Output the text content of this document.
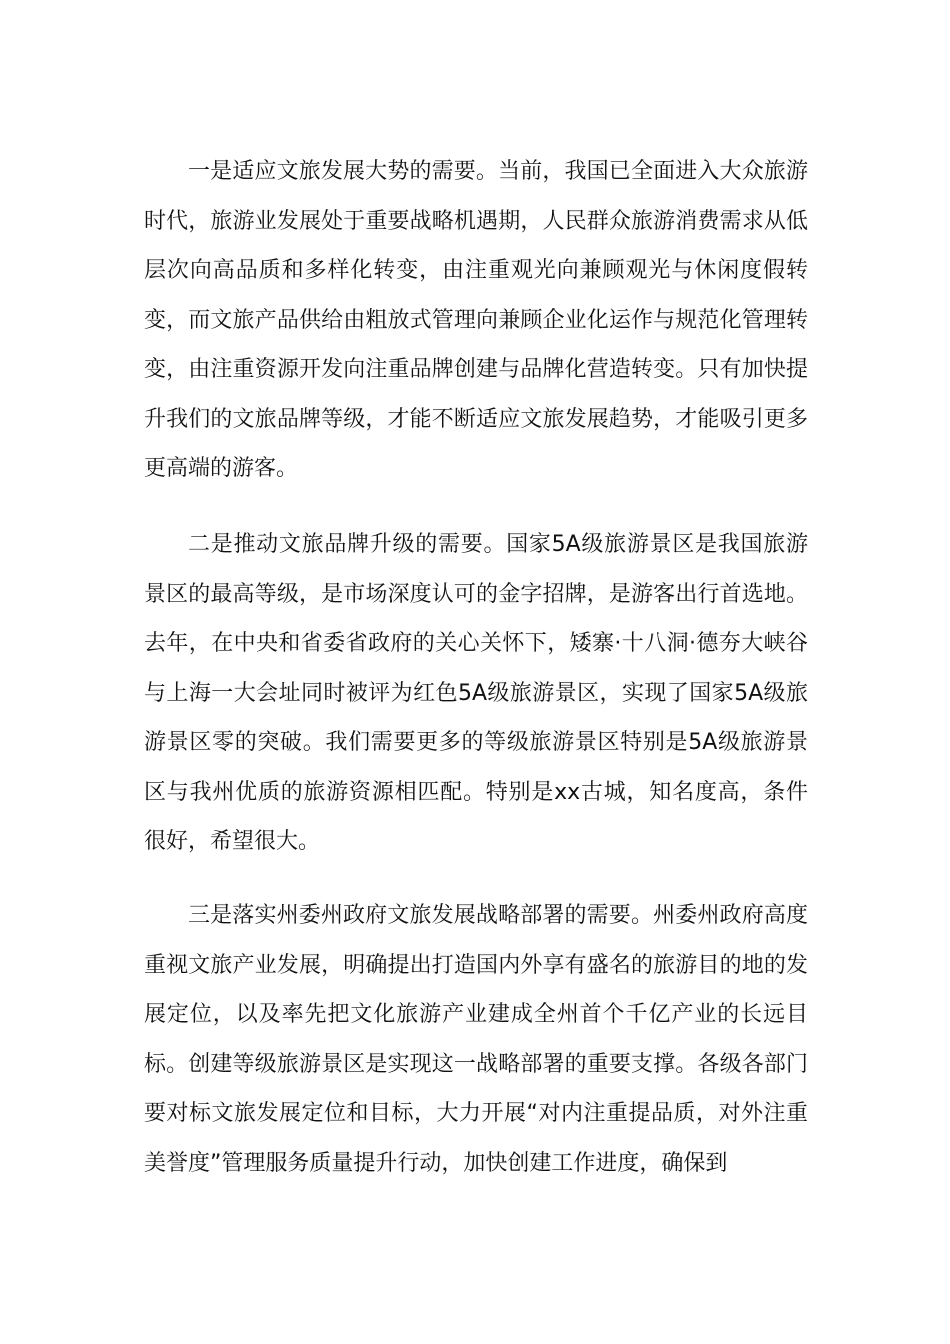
一是适应文旅发展大势的需要。当前，我国已全面进入大众旅游时代，旅游业发展处于重要战略机遇期，人民群众旅游消费需求从低层次向高品质和多样化转变，由注重观光向兼顾观光与休闲度假转变，而文旅产品供给由粗放式管理向兼顾企业化运作与规范化管理转变，由注重资源开发向注重品牌创建与品牌化营造转变。只有加快提升我们的文旅品牌等级，才能不断适应文旅发展趋势，才能吸引更多更高端的游客。

二是推动文旅品牌升级的需要。国家5A级旅游景区是我国旅游景区的最高等级，是市场深度认可的金字招牌，是游客出行首选地。去年，在中央和省委省政府的关心关怀下，矮寨·十八洞·德夯大峡谷与上海一大会址同时被评为红色5A级旅游景区，实现了国家5A级旅游景区零的突破。我们需要更多的等级旅游景区特别是5A级旅游景区与我州优质的旅游资源相匹配。特别是xx古城，知名度高，条件很好，希望很大。

三是落实州委州政府文旅发展战略部署的需要。州委州政府高度重视文旅产业发展，明确提出打造国内外享有盛名的旅游目的地的发展定位，以及率先把文化旅游产业建成全州首个千亿产业的长远目标。创建等级旅游景区是实现这一战略部署的重要支撑。各级各部门要对标文旅发展定位和目标，大力开展“对内注重提品质，对外注重美誉度”管理服务质量提升行动，加快创建工作进度，确保到
